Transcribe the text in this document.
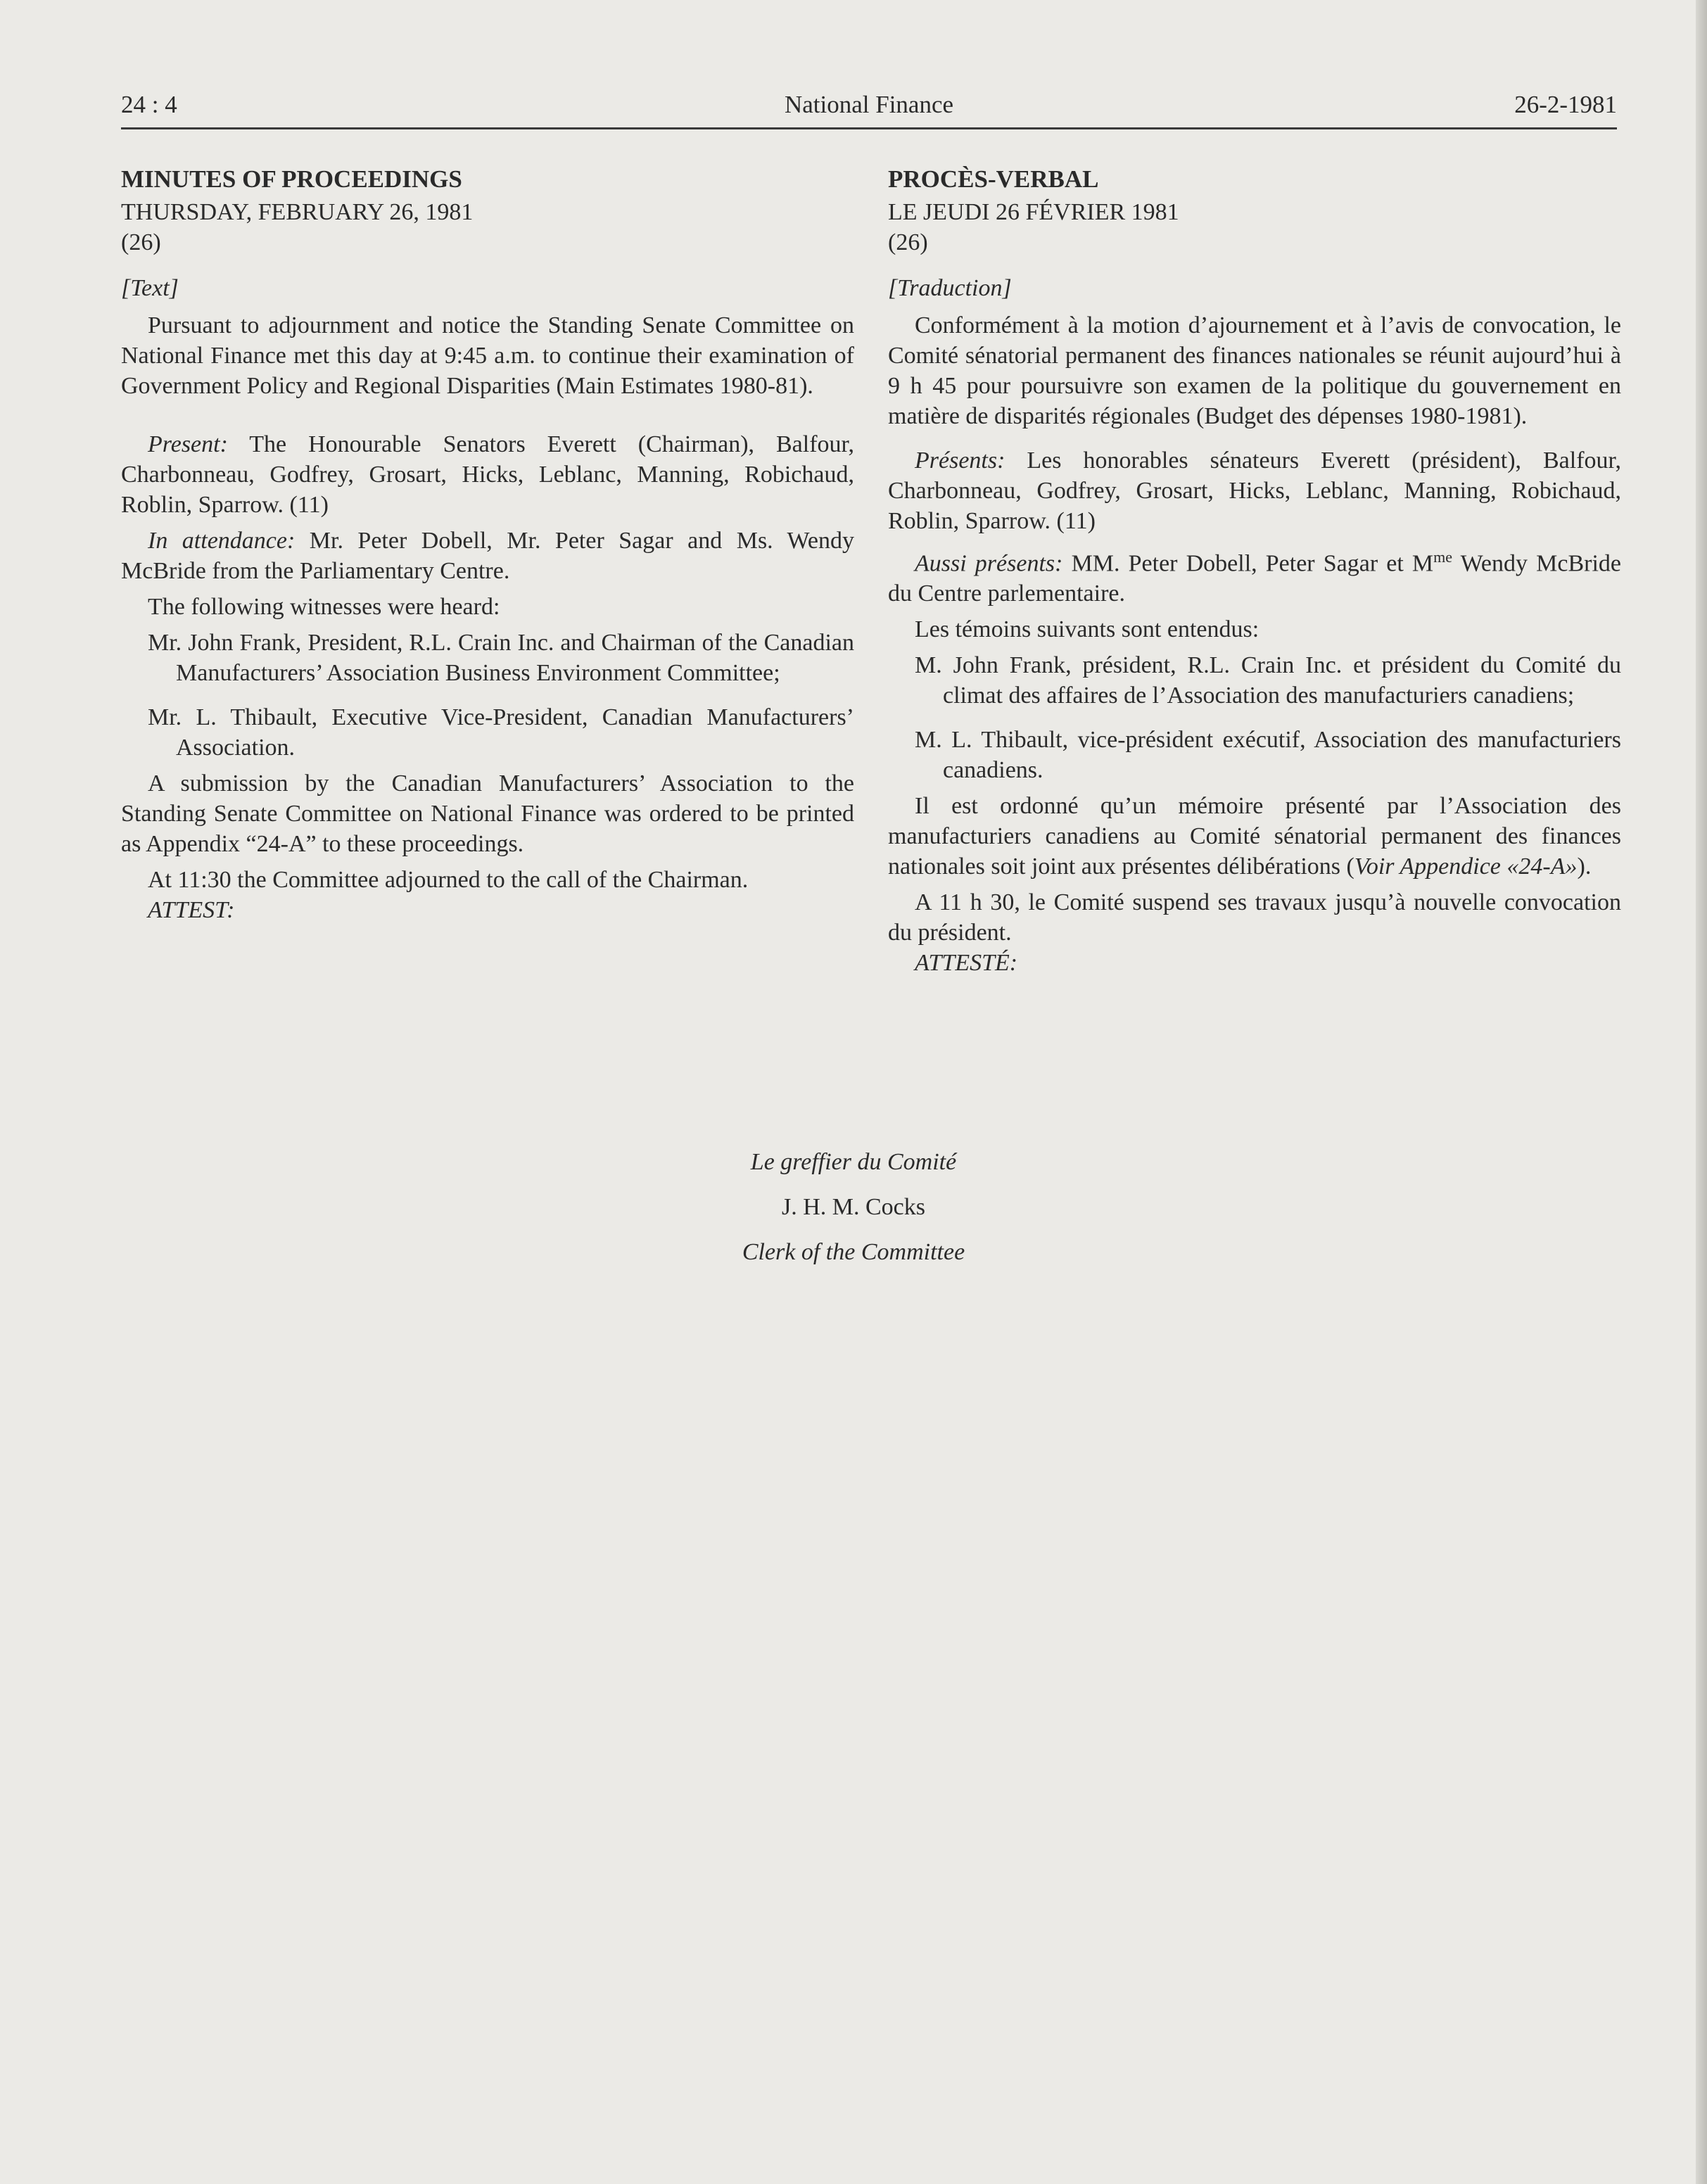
24 : 4	National Finance	26-2-1981

MINUTES OF PROCEEDINGS

THURSDAY, FEBRUARY 26, 1981

(26)

[Text]

Pursuant to adjournment and notice the Standing Senate Committee on National Finance met this day at 9:45 a.m. to continue their examination of Government Policy and Regional Disparities (Main Estimates 1980-81).

Present: The Honourable Senators Everett (Chairman), Balfour, Charbonneau, Godfrey, Grosart, Hicks, Leblanc, Manning, Robichaud, Roblin, Sparrow. (11)

In attendance: Mr. Peter Dobell, Mr. Peter Sagar and Ms. Wendy McBride from the Parliamentary Centre.

The following witnesses were heard:

Mr. John Frank, President, R.L. Crain Inc. and Chairman of the Canadian Manufacturers’ Association Business Environment Committee;

Mr. L. Thibault, Executive Vice-President, Canadian Manufacturers’ Association.

A submission by the Canadian Manufacturers’ Association to the Standing Senate Committee on National Finance was ordered to be printed as Appendix “24-A” to these proceedings.

At 11:30 the Committee adjourned to the call of the Chairman.

ATTEST:

PROCÈS-VERBAL

LE JEUDI 26 FÉVRIER 1981

(26)

[Traduction]

Conformément à la motion d’ajournement et à l’avis de convocation, le Comité sénatorial permanent des finances nationales se réunit aujourd’hui à 9 h 45 pour poursuivre son examen de la politique du gouvernement en matière de disparités régionales (Budget des dépenses 1980-1981).

Présents: Les honorables sénateurs Everett (président), Balfour, Charbonneau, Godfrey, Grosart, Hicks, Leblanc, Manning, Robichaud, Roblin, Sparrow. (11)

Aussi présents: MM. Peter Dobell, Peter Sagar et $M^{me}$ Wendy McBride du Centre parlementaire.

Les témoins suivants sont entendus:

M. John Frank, président, R.L. Crain Inc. et président du Comité du climat des affaires de l’Association des manufacturiers canadiens;

M. L. Thibault, vice-président exécutif, Association des manufacturiers canadiens.

Il est ordonné qu’un mémoire présenté par l’Association des manufacturiers canadiens au Comité sénatorial permanent des finances nationales soit joint aux présentes délibérations (Voir Appendice «24-A»).

A 11 h 30, le Comité suspend ses travaux jusqu’à nouvelle convocation du président.

ATTESTÉ:

Le greffier du Comité
J. H. M. Cocks
Clerk of the Committee
